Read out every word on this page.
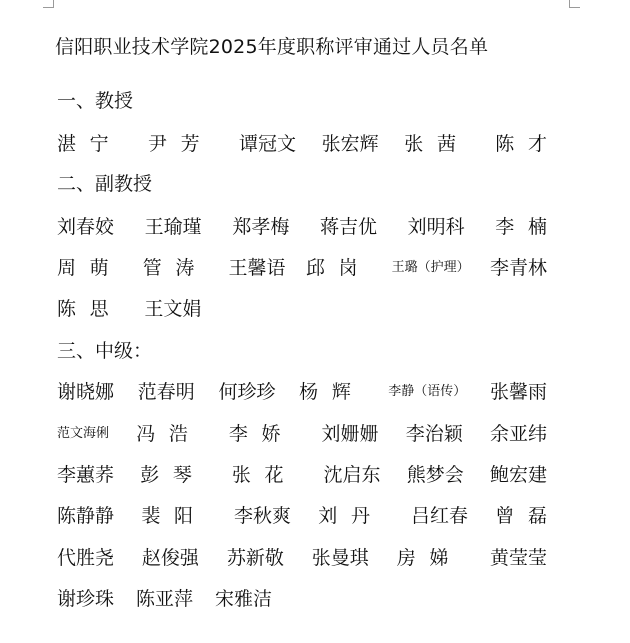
信阳职业技术学院2025年度职称评审通过人员名单
一、教授
湛宁 尹芳 谭冠文 张宏辉 张茜 陈才
二、副教授
刘春姣 王瑜瑾 郑孝梅 蒋吉优 刘明科 李楠
周萌 管涛 王馨语 邱岗 王璐（护理） 李青林
陈思 王文娟
三、中级：
谢晓娜 范春明 何珍珍 杨辉 李静（语传） 张馨雨
范文海俐 冯浩 李娇 刘姗姗 李治颖 余亚纬
李蕙荞 彭琴 张花 沈启东 熊梦会 鲍宏建
陈静静 裴阳 李秋爽 刘丹 吕红春 曾磊
代胜尧 赵俊强 苏新敬 张曼琪 房娣 黄莹莹
谢珍珠 陈亚萍 宋雅洁
